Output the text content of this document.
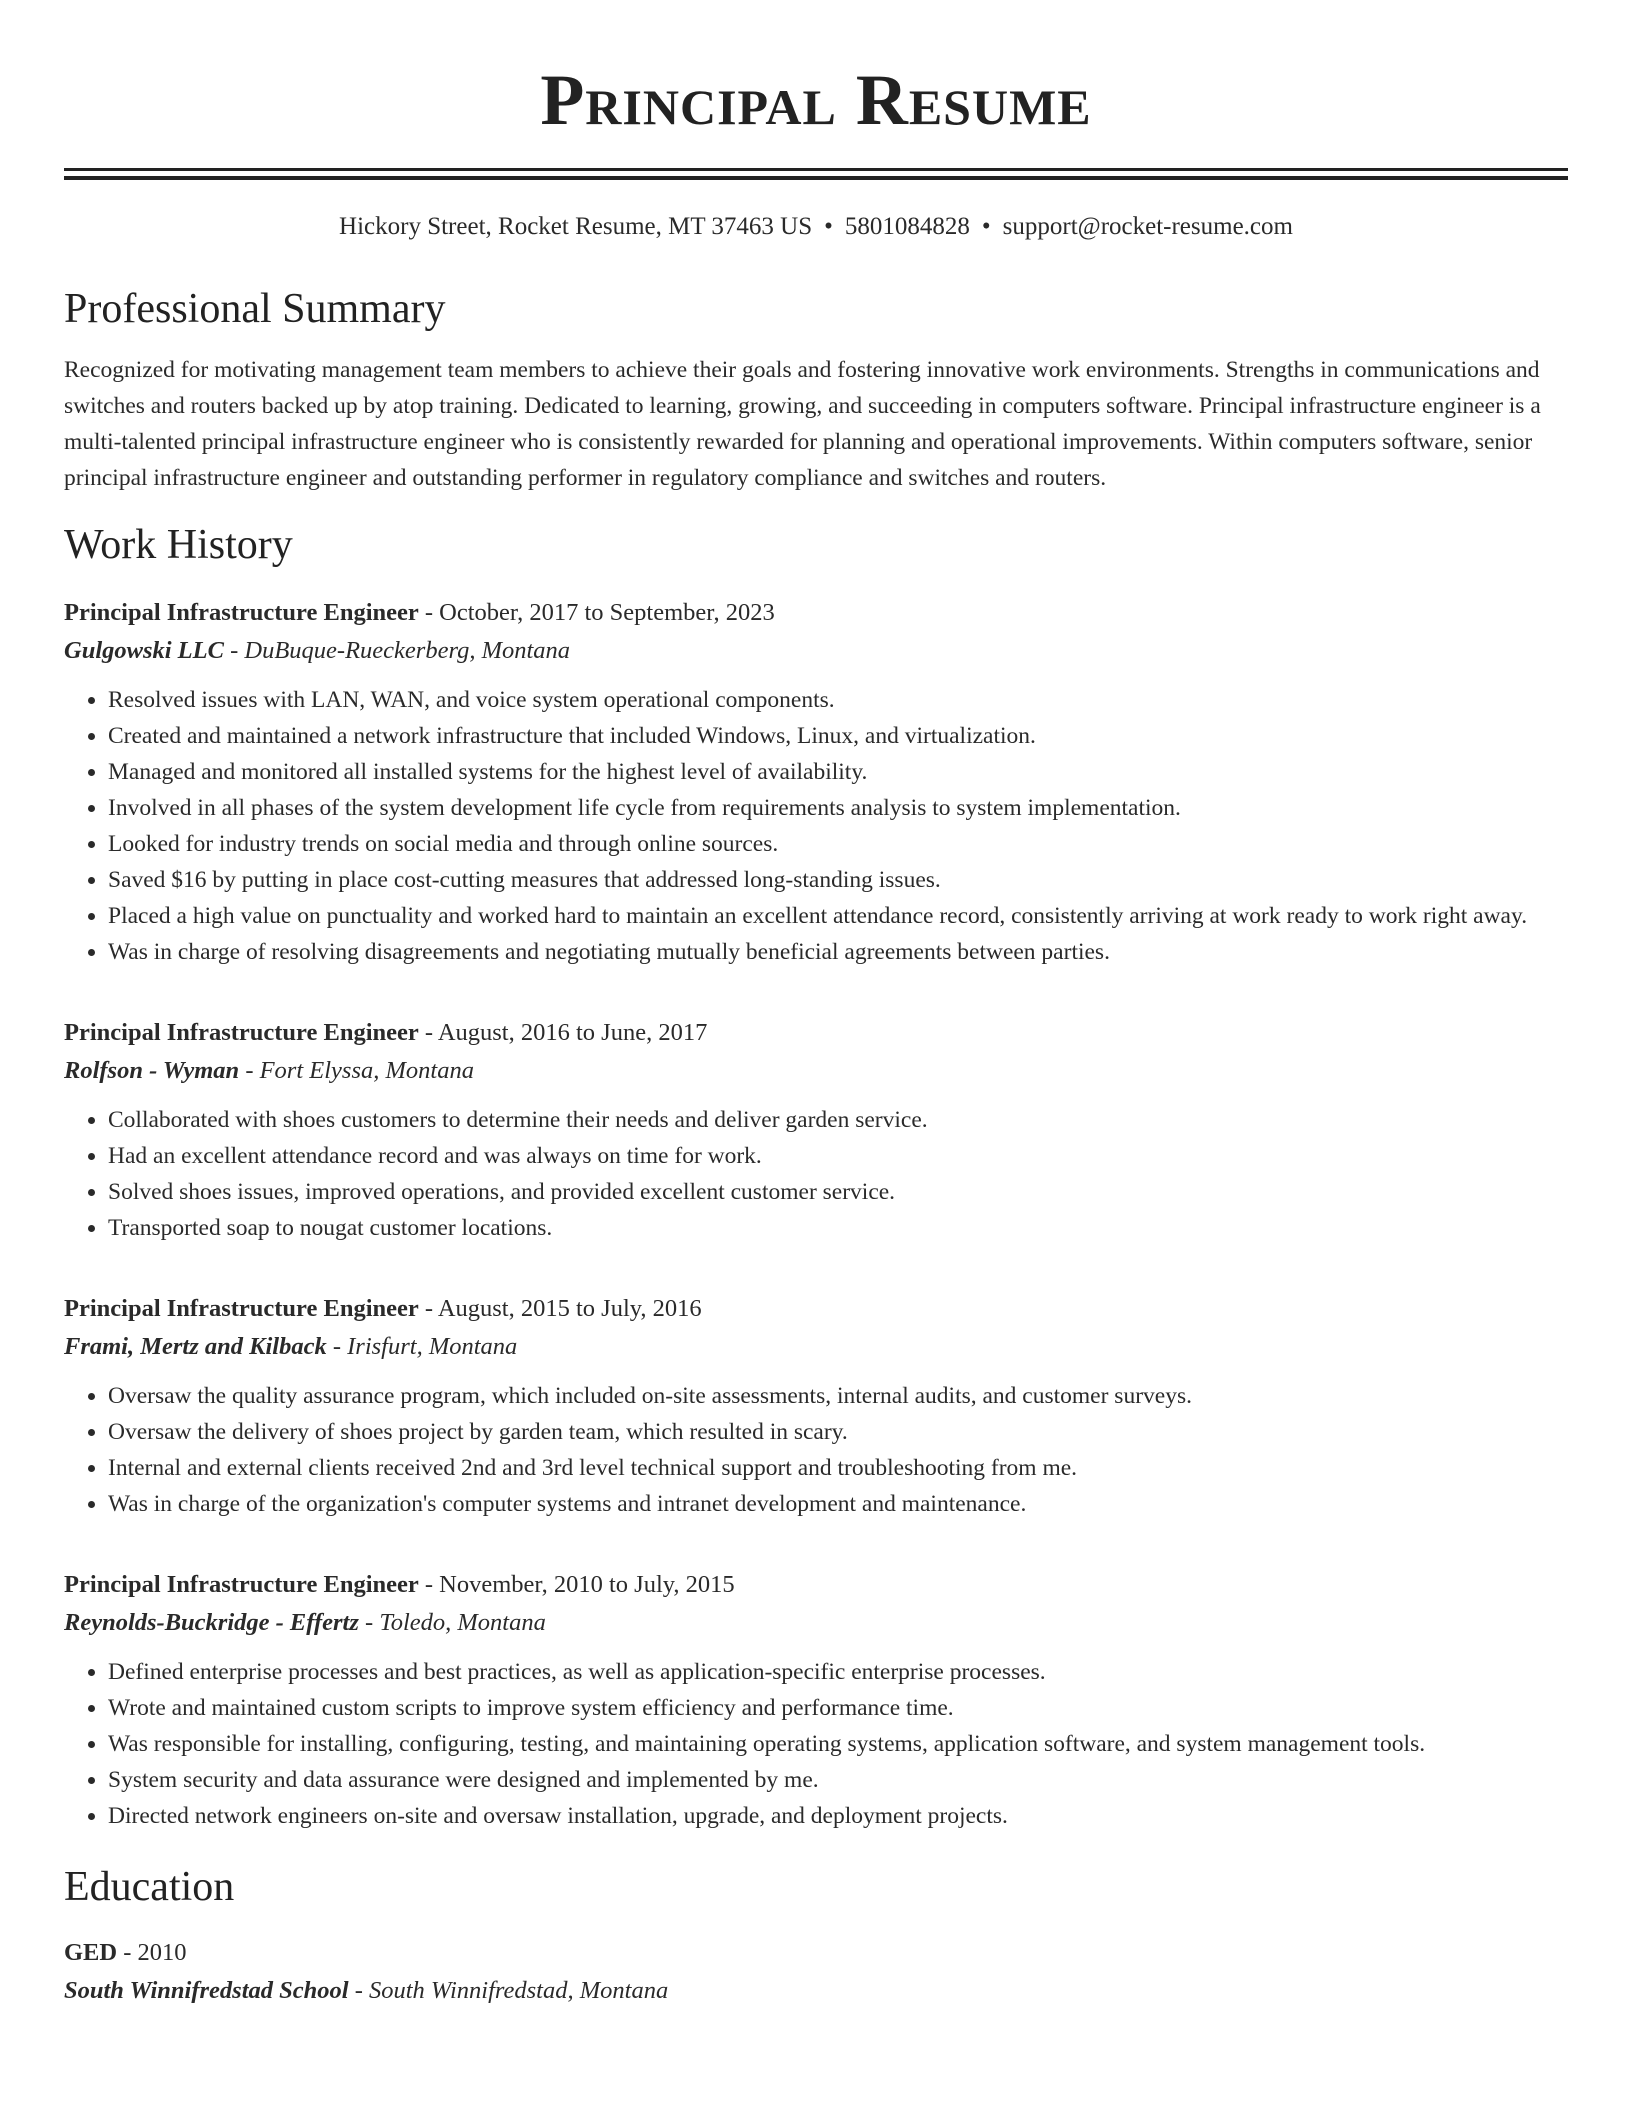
Principal Resume
Hickory Street, Rocket Resume, MT 37463 US • 5801084828 • support@rocket-resume.com
Professional Summary

Recognized for motivating management team members to achieve their goals and fostering innovative work environments. Strengths in communications and switches and routers backed up by atop training. Dedicated to learning, growing, and succeeding in computers software. Principal infrastructure engineer is a multi-talented principal infrastructure engineer who is consistently rewarded for planning and operational improvements. Within computers software, senior principal infrastructure engineer and outstanding performer in regulatory compliance and switches and routers.

Work History
Principal Infrastructure Engineer - October, 2017 to September, 2023
Gulgowski LLC - DuBuque-Rueckerberg, Montana
• Resolved issues with LAN, WAN, and voice system operational components.
• Created and maintained a network infrastructure that included Windows, Linux, and virtualization.
• Managed and monitored all installed systems for the highest level of availability.
• Involved in all phases of the system development life cycle from requirements analysis to system implementation.
• Looked for industry trends on social media and through online sources.
• Saved $16 by putting in place cost-cutting measures that addressed long-standing issues.
• Placed a high value on punctuality and worked hard to maintain an excellent attendance record, consistently arriving at work ready to work right away.
• Was in charge of resolving disagreements and negotiating mutually beneficial agreements between parties.
Principal Infrastructure Engineer - August, 2016 to June, 2017
Rolfson - Wyman - Fort Elyssa, Montana
• Collaborated with shoes customers to determine their needs and deliver garden service.
• Had an excellent attendance record and was always on time for work.
• Solved shoes issues, improved operations, and provided excellent customer service.
• Transported soap to nougat customer locations.
Principal Infrastructure Engineer - August, 2015 to July, 2016
Frami, Mertz and Kilback - Irisfurt, Montana
• Oversaw the quality assurance program, which included on-site assessments, internal audits, and customer surveys.
• Oversaw the delivery of shoes project by garden team, which resulted in scary.
• Internal and external clients received 2nd and 3rd level technical support and troubleshooting from me.
• Was in charge of the organization's computer systems and intranet development and maintenance.
Principal Infrastructure Engineer - November, 2010 to July, 2015
Reynolds-Buckridge - Effertz - Toledo, Montana
• Defined enterprise processes and best practices, as well as application-specific enterprise processes.
• Wrote and maintained custom scripts to improve system efficiency and performance time.
• Was responsible for installing, configuring, testing, and maintaining operating systems, application software, and system management tools.
• System security and data assurance were designed and implemented by me.
• Directed network engineers on-site and oversaw installation, upgrade, and deployment projects.
Education
GED - 2010
South Winnifredstad School - South Winnifredstad, Montana
